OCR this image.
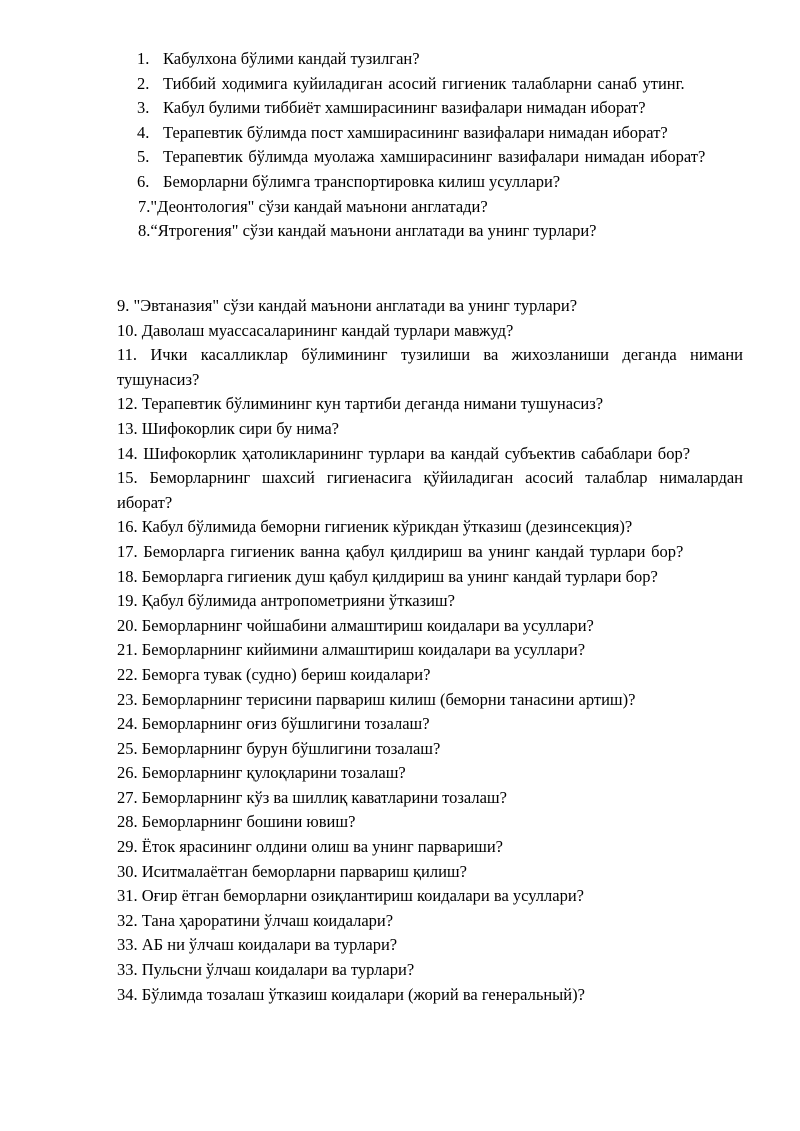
1. Кабулхона бўлими кандай тузилган?
2. Тиббий ходимига куйиладиган асосий гигиеник талабларни санаб утинг.
3. Кабул булими тиббиёт хамширасининг вазифалари нимадан иборат?
4. Терапевтик бўлимда пост хамширасининг вазифалари нимадан иборат?
5. Терапевтик бўлимда муолажа хамширасининг вазифалари нимадан иборат?
6. Беморларни бўлимга транспортировка килиш усуллари?
7."Деонтология" сўзи кандай маънони англатади?
8.“Ятрогения" сўзи кандай маънони англатади ва унинг турлари?
9. "Эвтаназия" сўзи кандай маънони англатади ва унинг турлари?
10. Даволаш муассасаларининг кандай турлари мавжуд?
11. Ички касалликлар бўлимининг тузилиши ва жихозланиши деганда нимани тушунасиз?
12. Терапевтик бўлимининг кун тартиби деганда нимани тушунасиз?
13. Шифокорлик сири бу нима?
14. Шифокорлик ҳатоликларининг турлари ва кандай субъектив сабаблари бор?
15. Беморларнинг шахсий гигиенасига қўйиладиган асосий талаблар нималардан иборат?
16. Кабул бўлимида беморни гигиеник кўрикдан ўтказиш (дезинсекция)?
17. Беморларга гигиеник ванна қабул қилдириш ва унинг кандай турлари бор?
18. Беморларга гигиеник душ қабул қилдириш ва унинг кандай турлари бор?
19. Қабул бўлимида антропометрияни ўтказиш?
20. Беморларнинг чойшабини алмаштириш коидалари ва усуллари?
21. Беморларнинг кийимини алмаштириш коидалари ва усуллари?
22. Беморга тувак (судно) бериш коидалари?
23. Беморларнинг терисини парвариш килиш (беморни танасини артиш)?
24. Беморларнинг оғиз бўшлигини тозалаш?
25. Беморларнинг бурун бўшлигини тозалаш?
26. Беморларнинг қулоқларини тозалаш?
27. Беморларнинг кўз ва шиллиқ каватларини тозалаш?
28. Беморларнинг бошини ювиш?
29. Ёток ярасининг олдини олиш ва унинг парвариши?
30. Иситмалаётган беморларни парвариш қилиш?
31. Оғир ётган беморларни озиқлантириш коидалари ва усуллари?
32. Тана ҳароратини ўлчаш коидалари?
33. АБ ни ўлчаш коидалари ва турлари?
33. Пульсни ўлчаш коидалари ва турлари?
34. Бўлимда тозалаш ўтказиш коидалари (жорий ва генеральный)?
